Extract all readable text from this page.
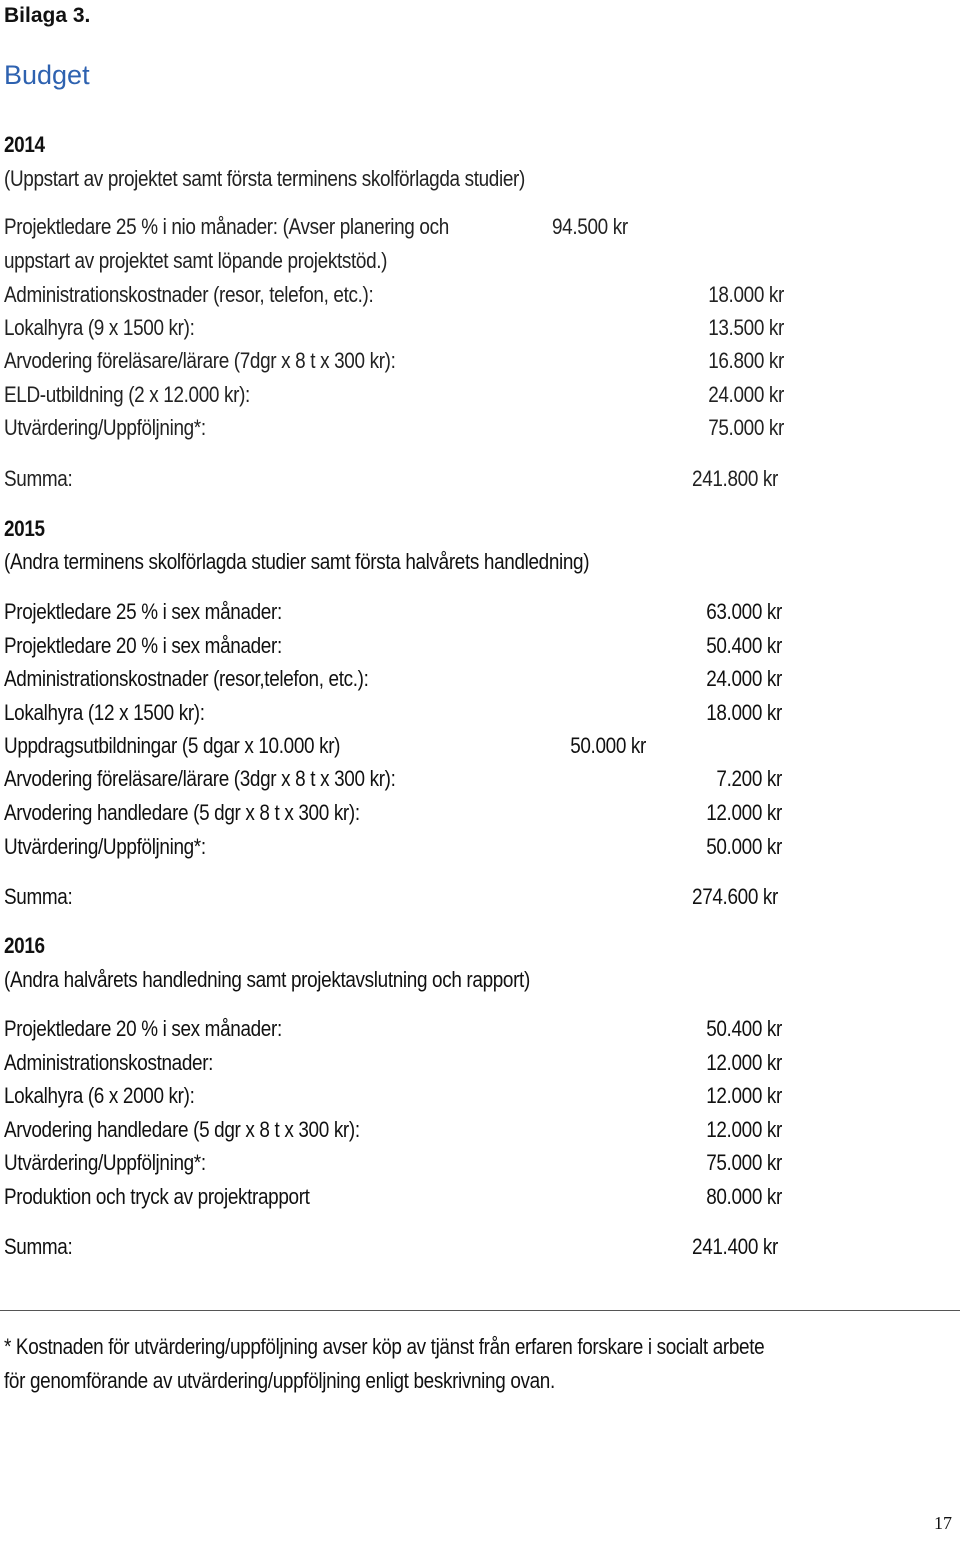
Bilaga 3.
Budget
2014
(Uppstart av projektet samt första terminens skolförlagda studier)
Projektledare 25 % i nio månader: (Avser planering och	94.500 kr
uppstart av projektet samt löpande projektstöd.)
Administrationskostnader (resor, telefon, etc.):	18.000 kr
Lokalhyra (9 x 1500 kr):	13.500 kr
Arvodering föreläsare/lärare (7dgr x 8 t x 300 kr):	16.800 kr
ELD-utbildning (2 x 12.000 kr):	24.000 kr
Utvärdering/Uppföljning*:	75.000 kr
Summa:	241.800 kr
2015
(Andra terminens skolförlagda studier samt första halvårets handledning)
Projektledare 25 % i sex månader:	63.000 kr
Projektledare 20 % i sex månader:	50.400 kr
Administrationskostnader (resor,telefon, etc.):	24.000 kr
Lokalhyra (12 x 1500 kr):	18.000 kr
Uppdragsutbildningar (5 dgar x 10.000 kr)	50.000 kr
Arvodering föreläsare/lärare (3dgr x 8 t x 300 kr):	7.200 kr
Arvodering handledare (5 dgr x 8 t x 300 kr):	12.000 kr
Utvärdering/Uppföljning*:	50.000 kr
Summa:	274.600 kr
2016
(Andra halvårets handledning samt projektavslutning och rapport)
Projektledare 20 % i sex månader:	50.400 kr
Administrationskostnader:	12.000 kr
Lokalhyra (6 x 2000 kr):	12.000 kr
Arvodering handledare (5 dgr x 8 t x 300 kr):	12.000 kr
Utvärdering/Uppföljning*:	75.000 kr
Produktion och tryck av projektrapport	80.000 kr
Summa:	241.400 kr
* Kostnaden för utvärdering/uppföljning avser köp av tjänst från erfaren forskare i socialt arbete
för genomförande av utvärdering/uppföljning enligt beskrivning ovan.
17
